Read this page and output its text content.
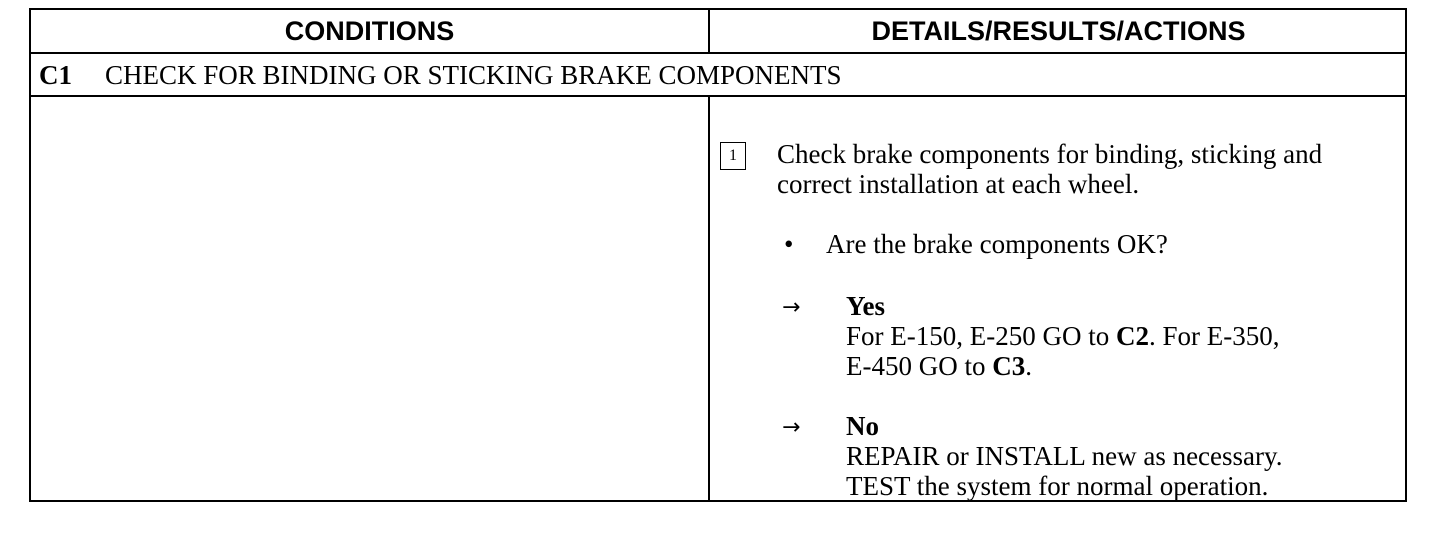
CONDITIONS	DETAILS/RESULTS/ACTIONS
C1 CHECK FOR BINDING OR STICKING BRAKE COMPONENTS
1	Check brake components for binding, sticking and correct installation at each wheel.
• Are the brake components OK?
→ Yes
For E-150, E-250 GO to C2. For E-350,
E-450 GO to C3.
→ No
REPAIR or INSTALL new as necessary.
TEST the system for normal operation.
